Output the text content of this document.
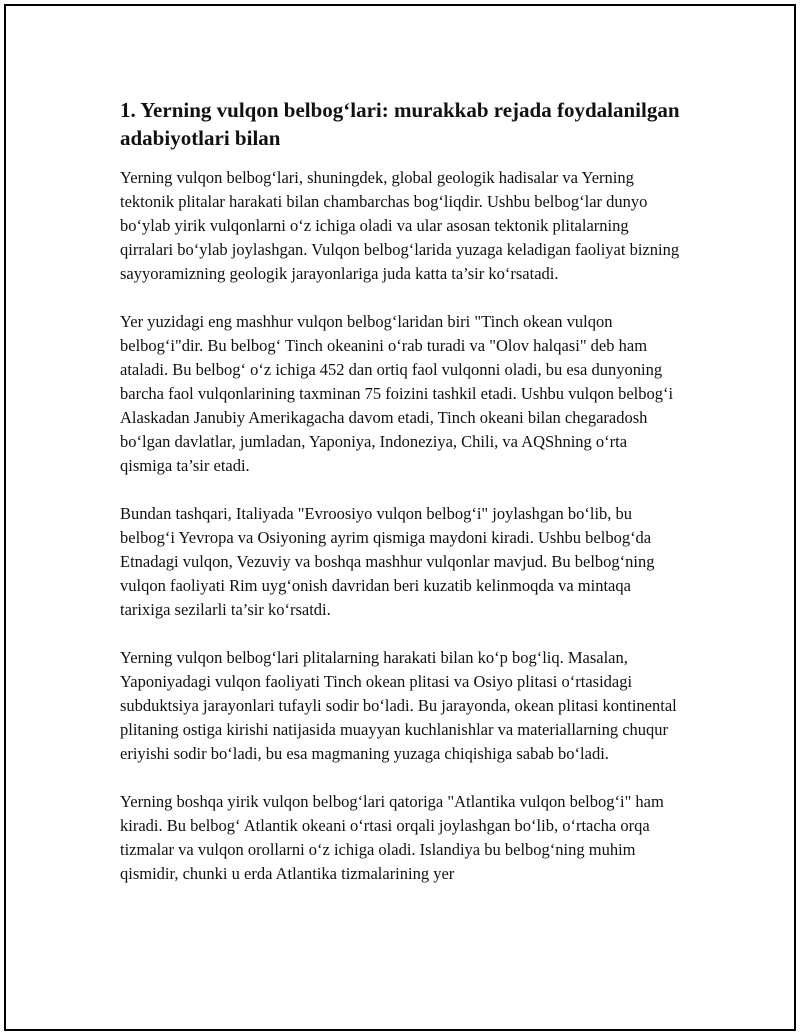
1. Yerning vulqon belbog‘lari: murakkab rejada foydalanilgan adabiyotlari bilan

Yerning vulqon belbog‘lari, shuningdek, global geologik hadisalar va Yerning tektonik plitalar harakati bilan chambarchas bog‘liqdir. Ushbu belbog‘lar dunyo bo‘ylab yirik vulqonlarni o‘z ichiga oladi va ular asosan tektonik plitalarning qirralari bo‘ylab joylashgan. Vulqon belbog‘larida yuzaga keladigan faoliyat bizning sayyoramizning geologik jarayonlariga juda katta ta’sir ko‘rsatadi.

Yer yuzidagi eng mashhur vulqon belbog‘laridan biri "Tinch okean vulqon belbog‘i"dir. Bu belbog‘ Tinch okeanini o‘rab turadi va "Olov halqasi" deb ham ataladi. Bu belbog‘ o‘z ichiga 452 dan ortiq faol vulqonni oladi, bu esa dunyoning barcha faol vulqonlarining taxminan 75 foizini tashkil etadi. Ushbu vulqon belbog‘i Alaskadan Janubiy Amerikagacha davom etadi, Tinch okeani bilan chegaradosh bo‘lgan davlatlar, jumladan, Yaponiya, Indoneziya, Chili, va AQShning o‘rta qismiga ta’sir etadi.

Bundan tashqari, Italiyada "Evroosiyo vulqon belbog‘i" joylashgan bo‘lib, bu belbog‘i Yevropa va Osiyoning ayrim qismiga maydoni kiradi. Ushbu belbog‘da Etnadagi vulqon, Vezuviy va boshqa mashhur vulqonlar mavjud. Bu belbog‘ning vulqon faoliyati Rim uyg‘onish davridan beri kuzatib kelinmoqda va mintaqa tarixiga sezilarli ta’sir ko‘rsatdi.

Yerning vulqon belbog‘lari plitalarning harakati bilan ko‘p bog‘liq. Masalan, Yaponiyadagi vulqon faoliyati Tinch okean plitasi va Osiyo plitasi o‘rtasidagi subduktsiya jarayonlari tufayli sodir bo‘ladi. Bu jarayonda, okean plitasi kontinental plitaning ostiga kirishi natijasida muayyan kuchlanishlar va materiallarning chuqur eriyishi sodir bo‘ladi, bu esa magmaning yuzaga chiqishiga sabab bo‘ladi.

Yerning boshqa yirik vulqon belbog‘lari qatoriga "Atlantika vulqon belbog‘i" ham kiradi. Bu belbog‘ Atlantik okeani o‘rtasi orqali joylashgan bo‘lib, o‘rtacha orqa tizmalar va vulqon orollarni o‘z ichiga oladi. Islandiya bu belbog‘ning muhim qismidir, chunki u erda Atlantika tizmalarining yer
